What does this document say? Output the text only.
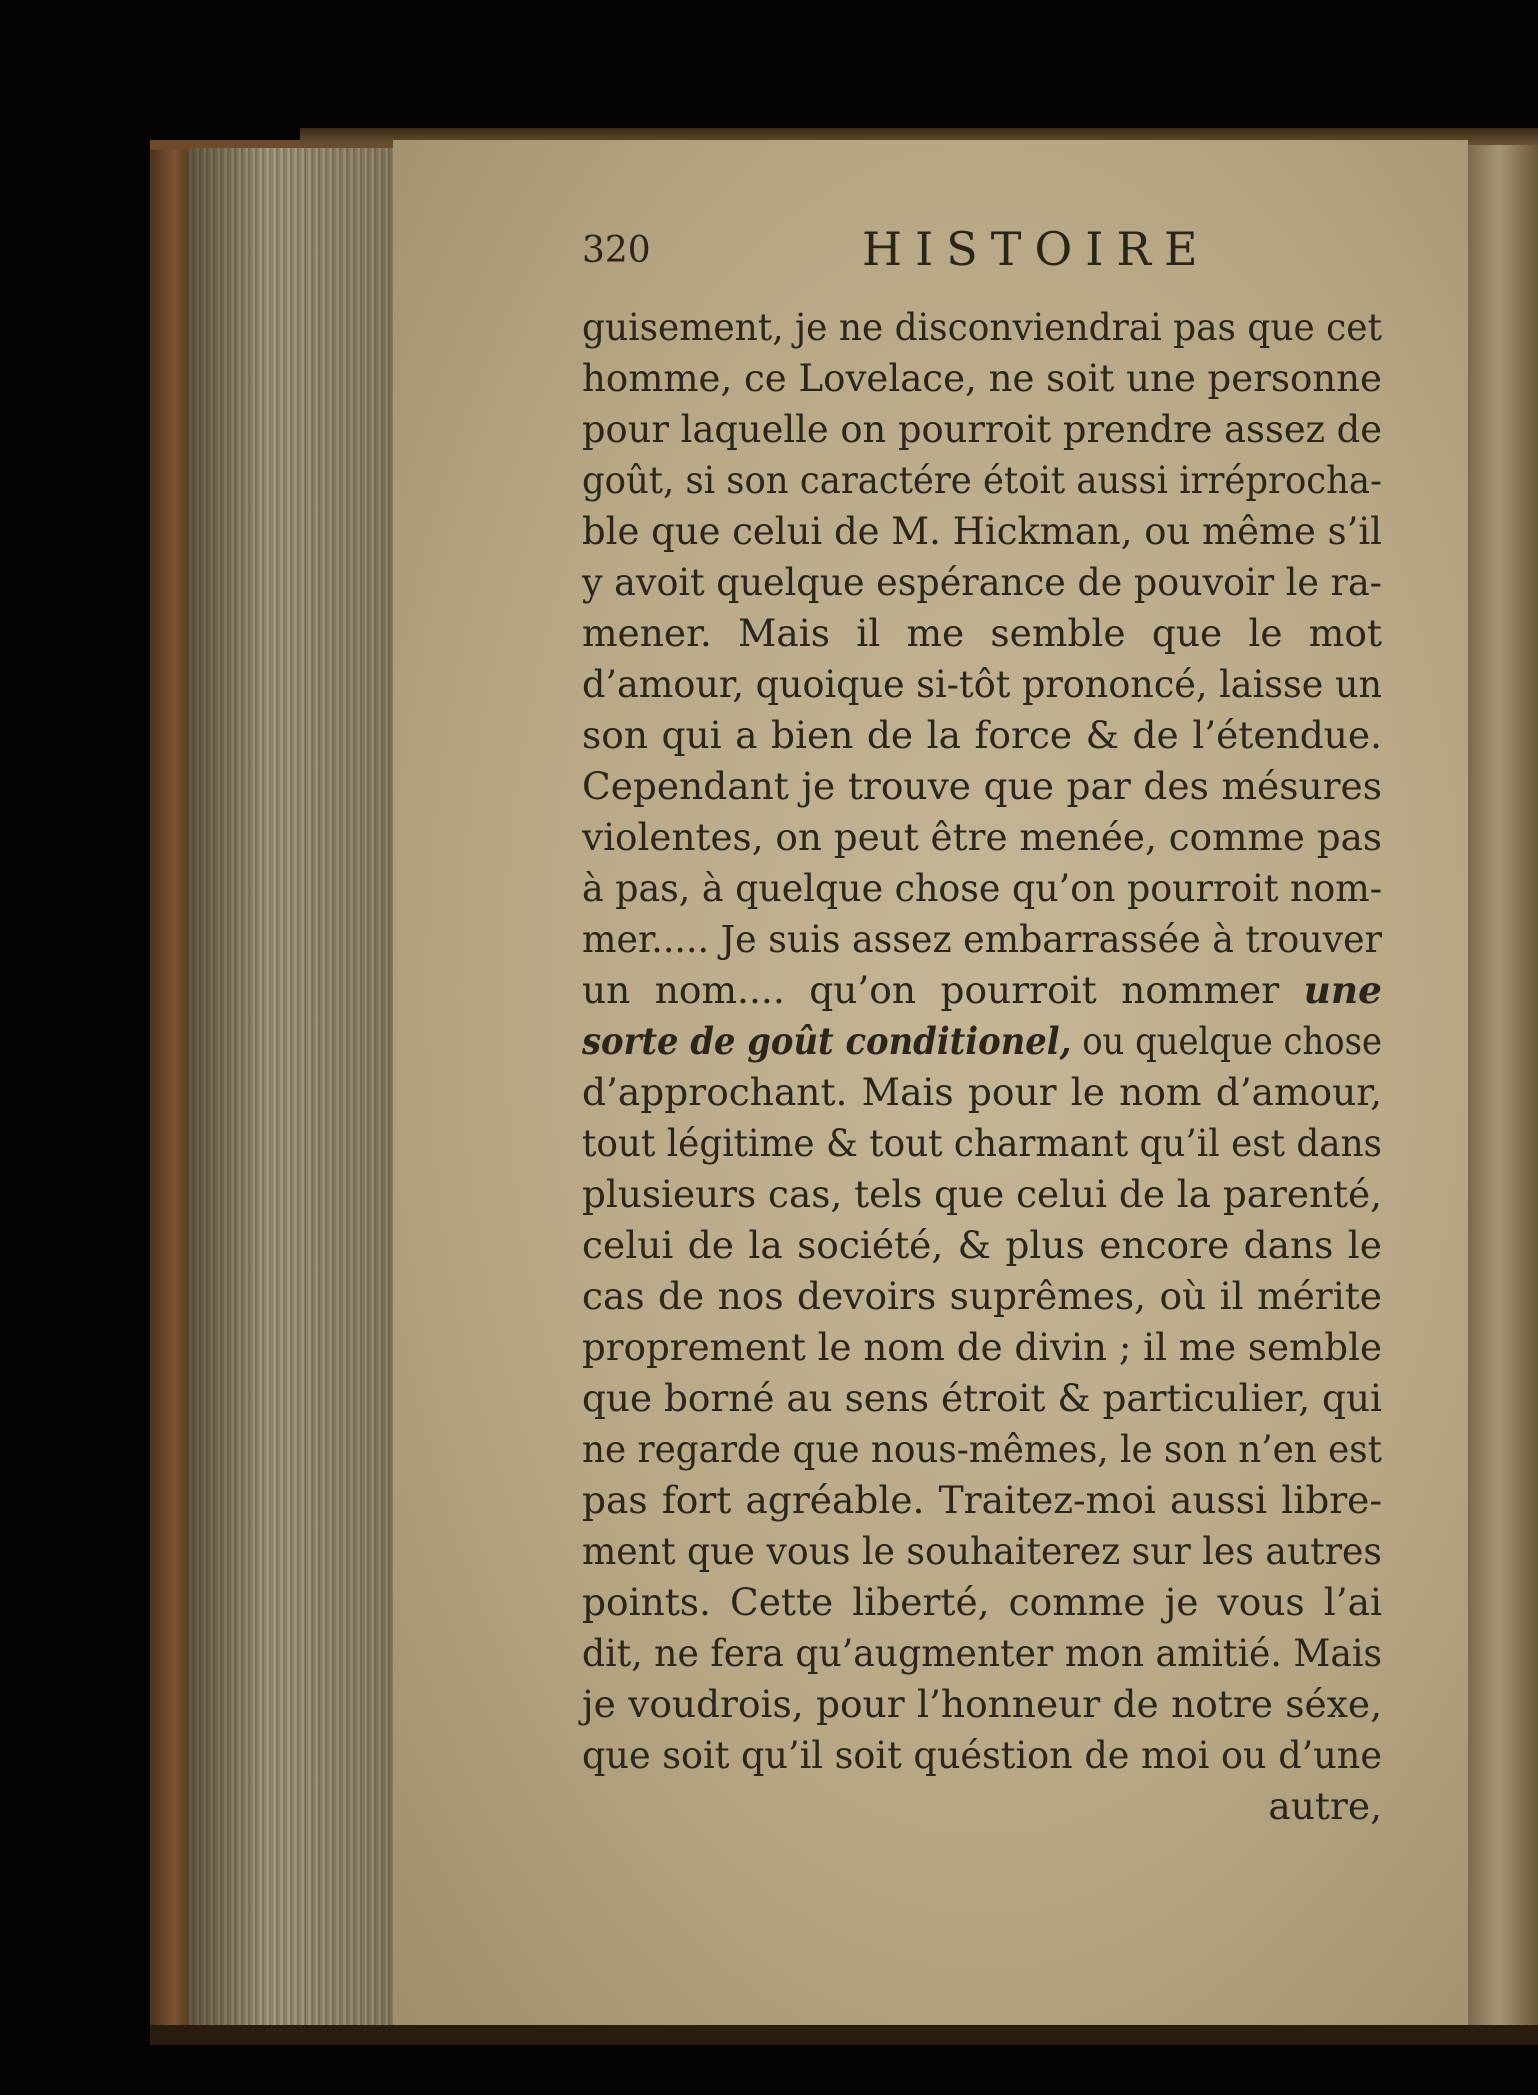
320	HISTOIRE
guisement, je ne disconviendrai pas que cet
homme, ce Lovelace, ne soit une personne
pour laquelle on pourroit prendre assez de
goût, si son caractére étoit aussi irréprocha-
ble que celui de M. Hickman, ou même s’il
y avoit quelque espérance de pouvoir le ra-
mener. Mais il me semble que le mot
d’amour, quoique si-tôt prononcé, laisse un
son qui a bien de la force & de l’étendue.
Cependant je trouve que par des mésures
violentes, on peut être menée, comme pas
à pas, à quelque chose qu’on pourroit nom-
mer..... Je suis assez embarrassée à trouver
un nom.... qu’on pourroit nommer une
sorte de goût conditionel, ou quelque chose
d’approchant. Mais pour le nom d’amour,
tout légitime & tout charmant qu’il est dans
plusieurs cas, tels que celui de la parenté,
celui de la société, & plus encore dans le
cas de nos devoirs suprêmes, où il mérite
proprement le nom de divin ; il me semble
que borné au sens étroit & particulier, qui
ne regarde que nous-mêmes, le son n’en est
pas fort agréable. Traitez-moi aussi libre-
ment que vous le souhaiterez sur les autres
points. Cette liberté, comme je vous l’ai
dit, ne fera qu’augmenter mon amitié. Mais
je voudrois, pour l’honneur de notre séxe,
que soit qu’il soit quéstion de moi ou d’une
autre,
